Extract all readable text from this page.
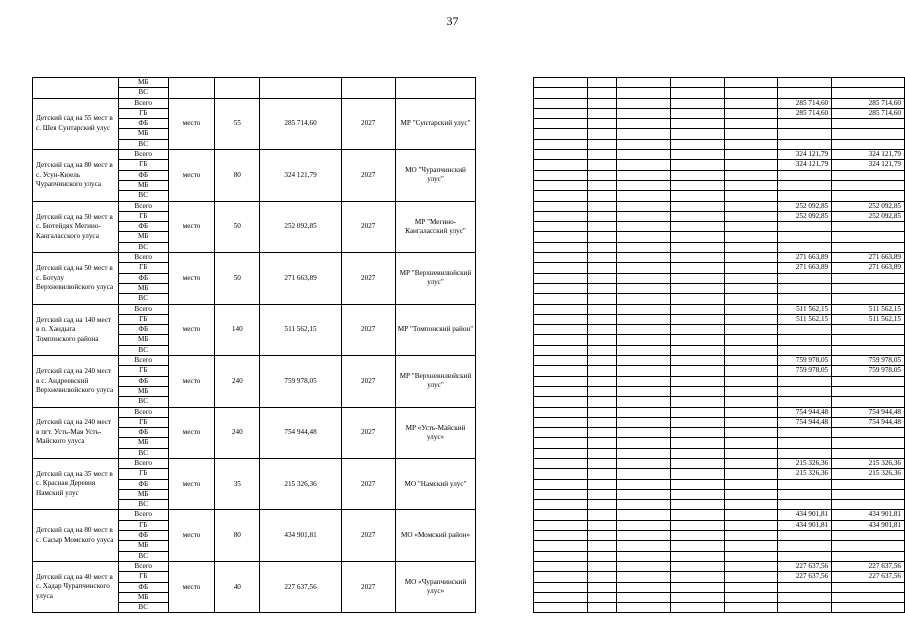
37
	МБ													
	ВС													
Детский сад на 55 мест в с. Шея Сунтарский улус	Всего	место	55	285 714,60	2027	МР "Сунтарский улус"							285 714,60	285 714,60
	ГБ												285 714,60	285 714,60
	ФБ													
	МБ													
	ВС													
Детский сад на 80 мест в с. Усун-Кюель Чурапчинского улуса	Всего	место	80	324 121,79	2027	МО "Чурапчинский улус"							324 121,79	324 121,79
	ГБ												324 121,79	324 121,79
	ФБ													
	МБ													
	ВС													
Детский сад на 50 мест в с. Бютейдях Мегино-Кангаласского улуса	Всего	место	50	252 092,85	2027	МР "Мегино-Кангаласский улус"							252 092,85	252 092,85
	ГБ												252 092,85	252 092,85
	ФБ													
	МБ													
	ВС													
Детский сад на 50 мест в с. Ботулу Верхневилюйского улуса	Всего	место	50	271 663,89	2027	МР "Верхневилюйский улус"							271 663,89	271 663,89
	ГБ												271 663,89	271 663,89
	ФБ													
	МБ													
	ВС													
Детский сад на 140 мест в п. Хандыга Томпонского района	Всего	место	140	511 562,15	2027	МР "Томпонский район"							511 562,15	511 562,15
	ГБ												511 562,15	511 562,15
	ФБ													
	МБ													
	ВС													
Детский сад на 240 мест в с. Андреевский Верхневилюйского улуса	Всего	место	240	759 978,05	2027	МР "Верхневилюйский улус"							759 978,05	759 978,05
	ГБ												759 978,05	759 978,05
	ФБ													
	МБ													
	ВС													
Детский сад на 240 мест в пгт. Усть-Мая Усть-Майского улуса	Всего	место	240	754 944,48	2027	МР «Усть-Майский улус»							754 944,48	754 944,48
	ГБ												754 944,48	754 944,48
	ФБ													
	МБ													
	ВС													
Детский сад на 35 мест в с. Красная Деревня Намский улус	Всего	место	35	215 326,36	2027	МО "Намский улус"							215 326,36	215 326,36
	ГБ												215 326,36	215 326,36
	ФБ													
	МБ													
	ВС													
Детский сад на 80 мест в с. Сасыр Момского улуса	Всего	место	80	434 901,81	2027	МО «Момский район»							434 901,81	434 901,81
	ГБ												434 901,81	434 901,81
	ФБ													
	МБ													
	ВС													
Детский сад на 40 мест в с. Хадар Чурапчинского улуса	Всего	место	40	227 637,56	2027	МО «Чурапчинский улус»							227 637,56	227 637,56
	ГБ												227 637,56	227 637,56
	ФБ													
	МБ													
	ВС													
